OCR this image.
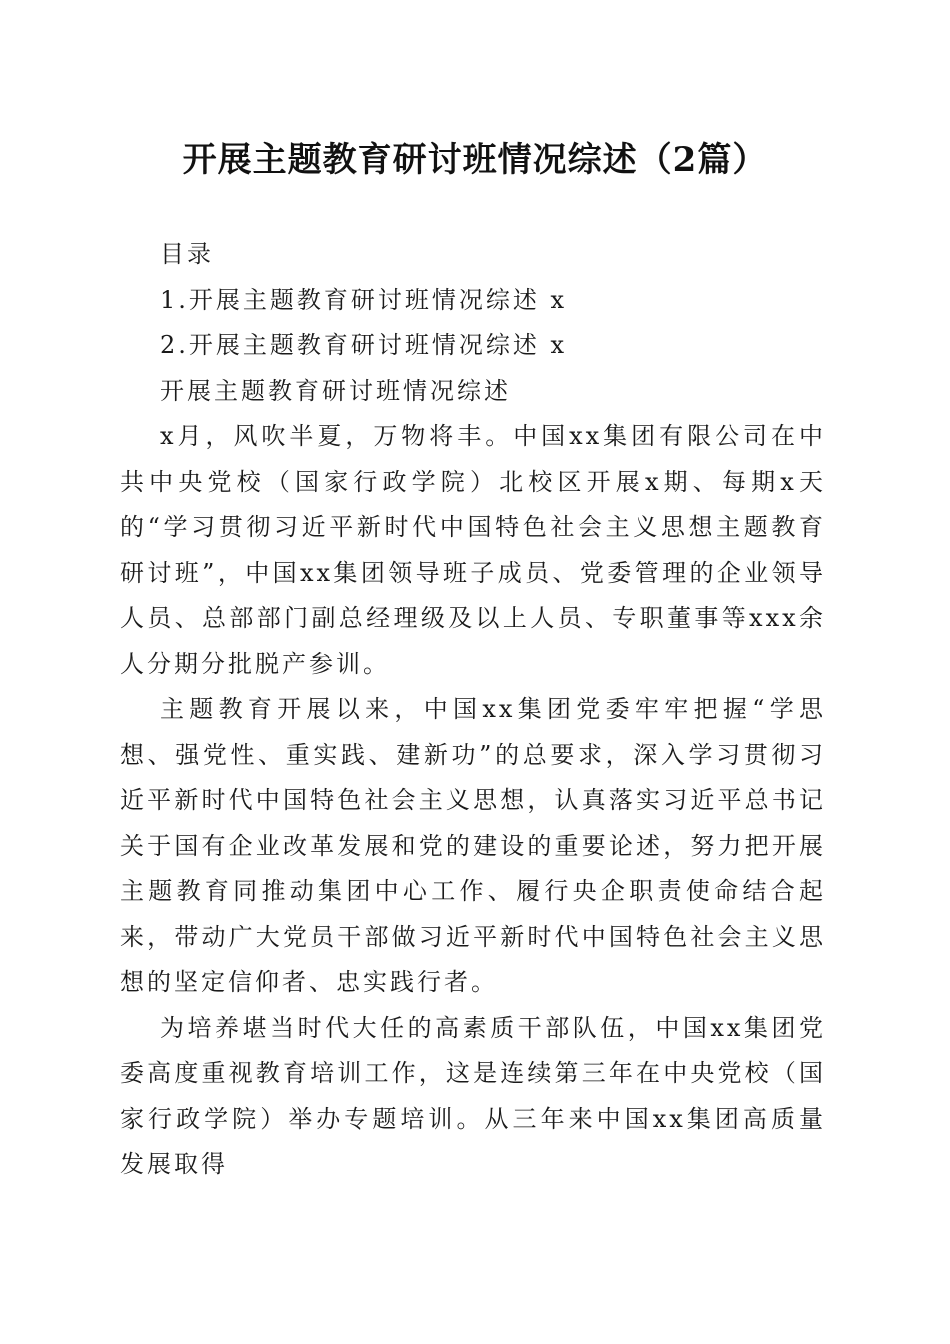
开展主题教育研讨班情况综述（2篇）

目录

1.开展主题教育研讨班情况综述 x

2.开展主题教育研讨班情况综述 x

开展主题教育研讨班情况综述

x月，风吹半夏，万物将丰。中国xx集团有限公司在中共中央党校（国家行政学院）北校区开展x期、每期x天的“学习贯彻习近平新时代中国特色社会主义思想主题教育研讨班”，中国xx集团领导班子成员、党委管理的企业领导人员、总部部门副总经理级及以上人员、专职董事等xxx余人分期分批脱产参训。

主题教育开展以来，中国xx集团党委牢牢把握“学思想、强党性、重实践、建新功”的总要求，深入学习贯彻习近平新时代中国特色社会主义思想，认真落实习近平总书记关于国有企业改革发展和党的建设的重要论述，努力把开展主题教育同推动集团中心工作、履行央企职责使命结合起来，带动广大党员干部做习近平新时代中国特色社会主义思想的坚定信仰者、忠实践行者。

为培养堪当时代大任的高素质干部队伍，中国xx集团党委高度重视教育培训工作，这是连续第三年在中央党校（国家行政学院）举办专题培训。从三年来中国xx集团高质量发展取得
